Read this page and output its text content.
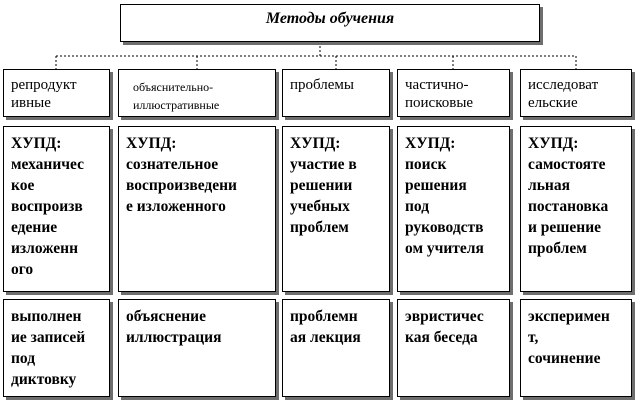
Методы обучения
репродукт
ивные
объяснительно-
иллюстративные
проблемы	частично-
поисковые
исследоват
ельские
ХУПД:
механичес
кое
воспроизв
едение
изложенн
ого
ХУПД:
сознательное
воспроизведени
е изложенного
ХУПД:
участие в
решении
учебных
проблем
ХУПД:
поиск
решения
под
руководств
ом учителя
ХУПД:
самостояте
льная
постановка
и решение
проблем
выполнен
ие записей
под
диктовку
объяснение
иллюстрация
проблемн
ая лекция
эвристичес
кая беседа
эксперимен
т,
сочинение
